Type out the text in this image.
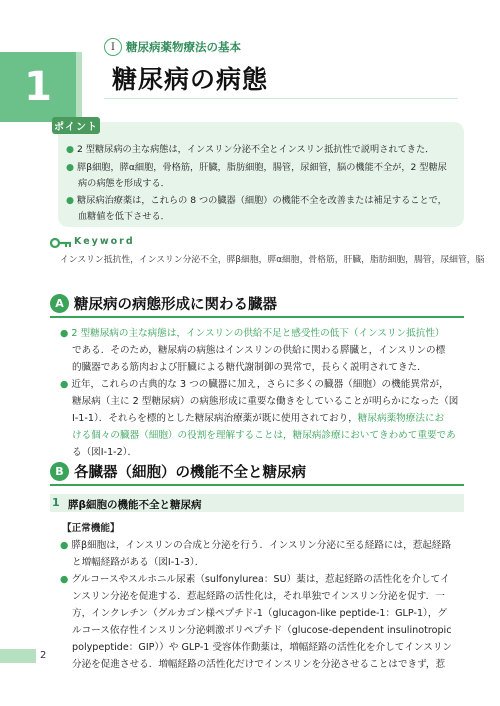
1
I 糖尿病薬物療法の基本
糖尿病の病態
ポイント
● 2 型糖尿病の主な病態は，インスリン分泌不全とインスリン抵抗性で説明されてきた．
● 膵β細胞，膵α細胞，骨格筋，肝臓，脂肪細胞，腸管，尿細管，脳の機能不全が，2 型糖尿
病の病態を形成する．
● 糖尿病治療薬は，これらの 8 つの臓器（細胞）の機能不全を改善または補足することで，
血糖値を低下させる．
Keyword
インスリン抵抗性，インスリン分泌不全，膵β細胞，膵α細胞，骨格筋，肝臓，脂肪細胞，腸管，尿細管，脳
A 糖尿病の病態形成に関わる臓器
● 2 型糖尿病の主な病態は，インスリンの供給不足と感受性の低下（インスリン抵抗性）
である．そのため，糖尿病の病態はインスリンの供給に関わる膵臓と，インスリンの標
的臓器である筋肉および肝臓による糖代謝制御の異常で，長らく説明されてきた．
● 近年，これらの古典的な 3 つの臓器に加え，さらに多くの臓器（細胞）の機能異常が，
糖尿病（主に 2 型糖尿病）の病態形成に重要な働きをしていることが明らかになった（図
Ⅰ-1-1）．それらを標的とした糖尿病治療薬が既に使用されており，糖尿病薬物療法にお
ける個々の臓器（細胞）の役割を理解することは，糖尿病診療においてきわめて重要であ
る（図Ⅰ-1-2）．
B 各臓器（細胞）の機能不全と糖尿病
1 膵β細胞の機能不全と糖尿病
【正常機能】
● 膵β細胞は，インスリンの合成と分泌を行う．インスリン分泌に至る経路には，惹起経路
と増幅経路がある（図Ⅰ-1-3）．
● グルコースやスルホニル尿素（sulfonylurea：SU）薬は，惹起経路の活性化を介してイ
ンスリン分泌を促進する．惹起経路の活性化は，それ単独でインスリン分泌を促す．一
方，インクレチン（グルカゴン様ペプチド-1（glucagon-like peptide-1：GLP-1），グ
ルコース依存性インスリン分泌刺激ポリペプチド（glucose-dependent insulinotropic
polypeptide：GIP））や GLP-1 受容体作動薬は，増幅経路の活性化を介してインスリン
分泌を促進させる．増幅経路の活性化だけでインスリンを分泌させることはできず，惹
2
